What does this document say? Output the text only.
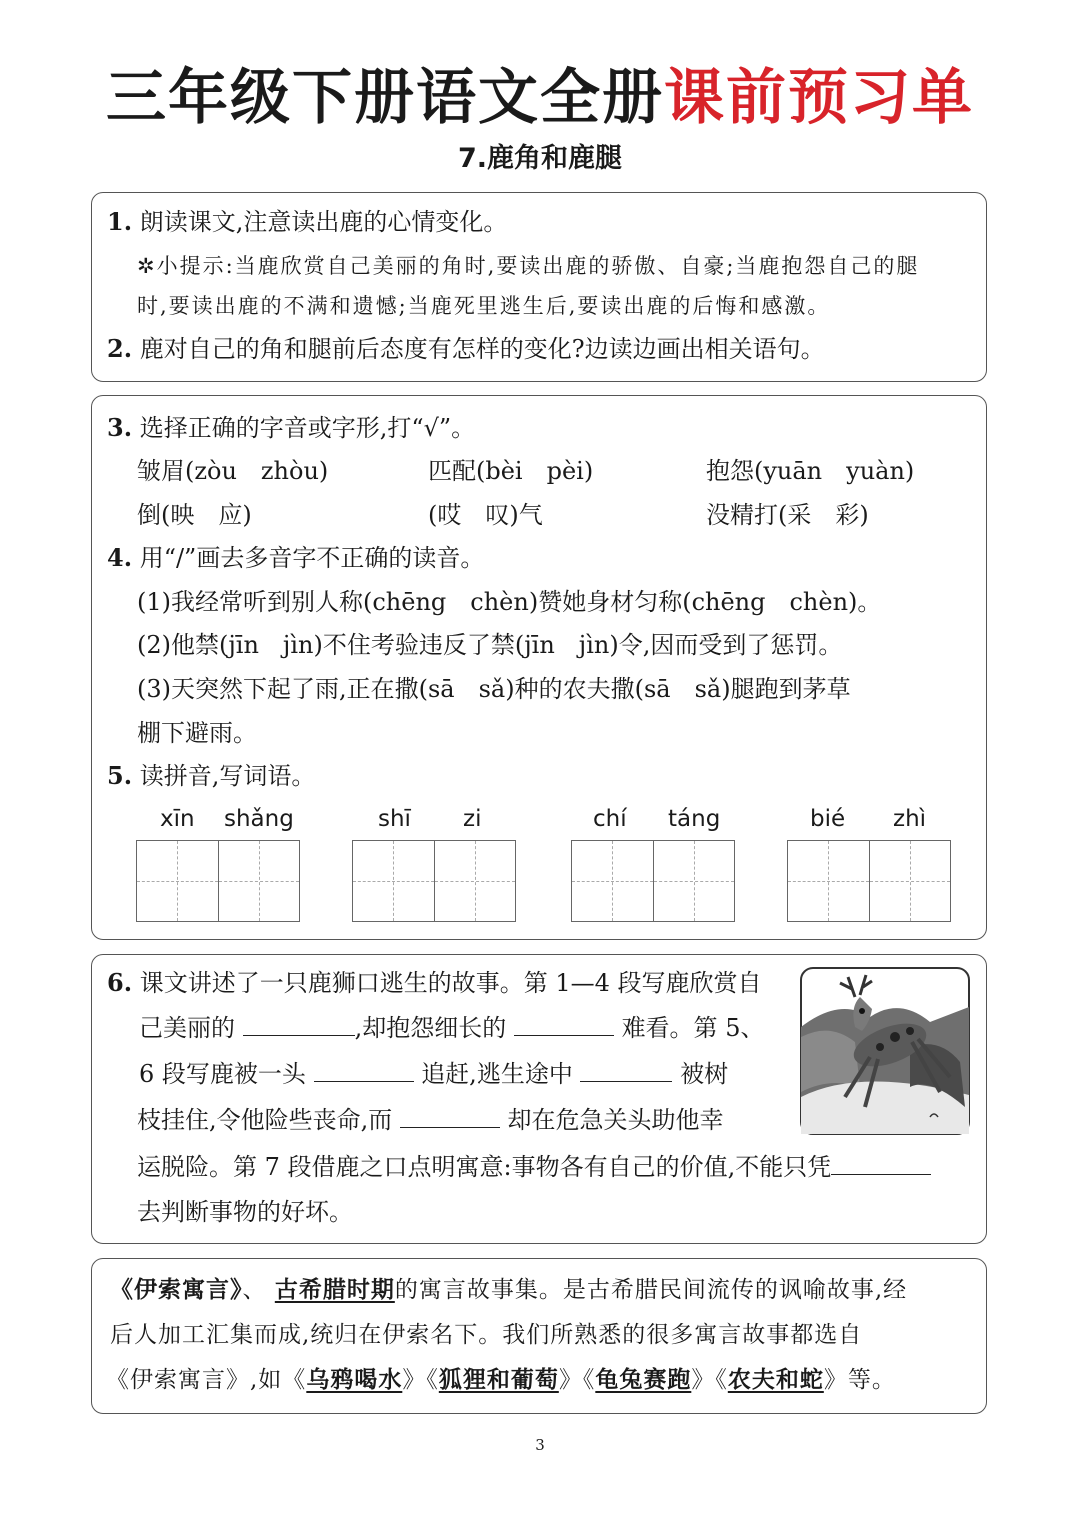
三年级下册语文全册课前预习单
7.鹿角和鹿腿
1. 朗读课文,注意读出鹿的心情变化。
✲小提示:当鹿欣赏自己美丽的角时,要读出鹿的骄傲、自豪;当鹿抱怨自己的腿
时,要读出鹿的不满和遗憾;当鹿死里逃生后,要读出鹿的后悔和感激。
2. 鹿对自己的角和腿前后态度有怎样的变化?边读边画出相关语句。
3. 选择正确的字音或字形,打“√”。
皱眉(zòu　zhòu)	匹配(bèi　pèi)	抱怨(yuān　yuàn)
倒(映　应)	(哎　叹)气	没精打(采　彩)
4. 用“/”画去多音字不正确的读音。
(1)我经常听到别人称(chēng　chèn)赞她身材匀称(chēng　chèn)。
(2)他禁(jīn　jìn)不住考验违反了禁(jīn　jìn)令,因而受到了惩罚。
(3)天突然下起了雨,正在撒(sā　sǎ)种的农夫撒(sā　sǎ)腿跑到茅草
棚下避雨。
5. 读拼音,写词语。
xīn shǎng	shī zi	chí táng	bié zhì
6. 课文讲述了一只鹿狮口逃生的故事。第 1—4 段写鹿欣赏自
己美丽的	,却抱怨细长的	难看。第 5、
6 段写鹿被一头	追赶,逃生途中	被树
枝挂住,令他险些丧命,而	却在危急关头助他幸
运脱险。第 7 段借鹿之口点明寓意:事物各有自己的价值,不能只凭
去判断事物的好坏。
《伊索寓言》、 古希腊时期的寓言故事集。是古希腊民间流传的讽喻故事,经
后人加工汇集而成,统归在伊索名下。我们所熟悉的很多寓言故事都选自
《伊索寓言》,如《乌鸦喝水》《狐狸和葡萄》《龟兔赛跑》《农夫和蛇》等。
3
